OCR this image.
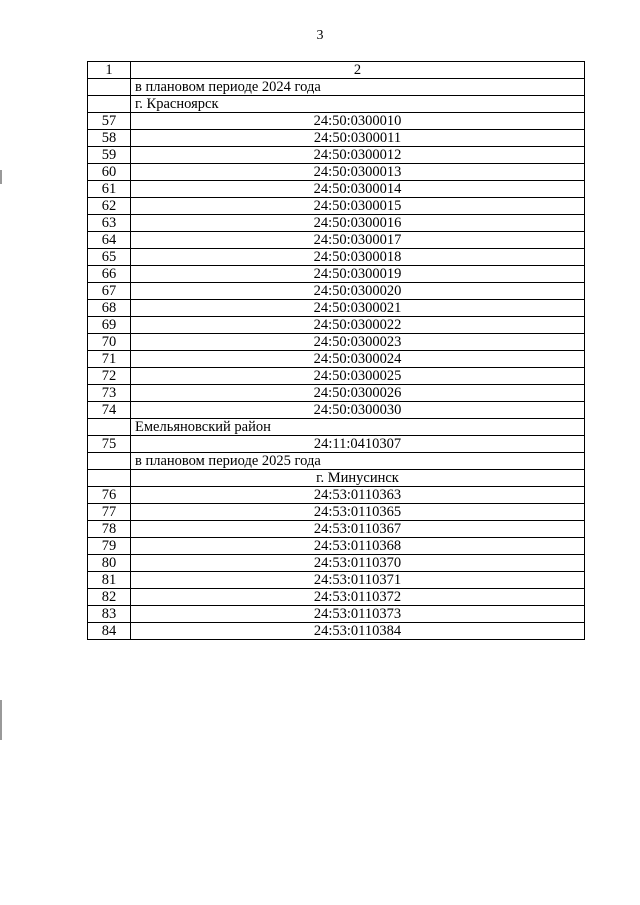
3
1	2
	в плановом периоде 2024 года
	г. Красноярск
57	24:50:0300010
58	24:50:0300011
59	24:50:0300012
60	24:50:0300013
61	24:50:0300014
62	24:50:0300015
63	24:50:0300016
64	24:50:0300017
65	24:50:0300018
66	24:50:0300019
67	24:50:0300020
68	24:50:0300021
69	24:50:0300022
70	24:50:0300023
71	24:50:0300024
72	24:50:0300025
73	24:50:0300026
74	24:50:0300030
	Емельяновский район
75	24:11:0410307
	в плановом периоде 2025 года
	г. Минусинск
76	24:53:0110363
77	24:53:0110365
78	24:53:0110367
79	24:53:0110368
80	24:53:0110370
81	24:53:0110371
82	24:53:0110372
83	24:53:0110373
84	24:53:0110384
